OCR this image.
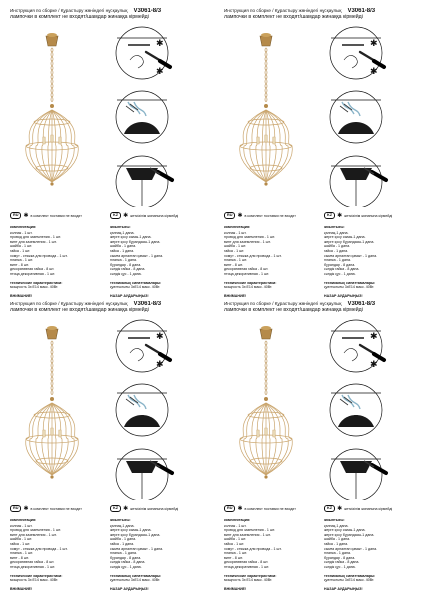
Инструкция по сборке / Құрастыру жөніндегі нұсқаулық V3061-8/3
лампочки в комплект не входят/шамдар жинаққа кірмейді
✱
✱
RU ✱ в комплект поставки не входит	KZ ✱ жеткізілім жинағына кірмейді
комплектация:
колпак - 1 шт.
провод для заземления - 1 шт.
винт для заземления - 1 шт.
шайба - 1 шт.
гайка - 1 шт.
хомут - стяжка для провода - 1 шт.
планка - 1 шт.
винт - 8 шт.
декоративная гайка - 8 шт.
птица декоративная - 1 шт.
технические характеристики:
мощность 3х:Е14 макс. 40Вт.
ВНИМАНИЕ!
жиынтығы:
қалпақ-1 дана.
жерге қосу сымы-1 дана.
жерге қосу бұрандасы-1 дана.
шайба - 1 дана.
гайка - 1 дана.
сымға арналған қамыт - 1 дана.
планка - 1 дана.
бұрандар - 8 дана.
сәндік гайка - 8 дана.
сәндік құс - 1 дана.
техникалық сипаттамалары:
қуаттылығы 3хЕ14 макс. 40Вт.
НАЗАР АУДАРЫҢЫЗ!
Инструкция по сборке / Құрастыру жөніндегі нұсқаулық V3061-8/3
лампочки в комплект не входят/шамдар жинаққа кірмейді
✱
✱
RU ✱ в комплект поставки не входит	KZ ✱ жеткізілім жинағына кірмейді
комплектация:
колпак - 1 шт.
провод для заземления - 1 шт.
винт для заземления - 1 шт.
шайба - 1 шт.
гайка - 1 шт.
хомут - стяжка для провода - 1 шт.
планка - 1 шт.
винт - 8 шт.
декоративная гайка - 8 шт.
птица декоративная - 1 шт.
технические характеристики:
мощность 3х:Е14 макс. 40Вт.
ВНИМАНИЕ!
жиынтығы:
қалпақ-1 дана.
жерге қосу сымы-1 дана.
жерге қосу бұрандасы-1 дана.
шайба - 1 дана.
гайка - 1 дана.
сымға арналған қамыт - 1 дана.
планка - 1 дана.
бұрандар - 8 дана.
сәндік гайка - 8 дана.
сәндік құс - 1 дана.
техникалық сипаттамалары:
қуаттылығы 3хЕ14 макс. 40Вт.
НАЗАР АУДАРЫҢЫЗ!
Инструкция по сборке / Құрастыру жөніндегі нұсқаулық V3061-8/3
лампочки в комплект не входят/шамдар жинаққа кірмейді
✱
✱
RU ✱ в комплект поставки не входит	KZ ✱ жеткізілім жинағына кірмейді
комплектация:
колпак - 1 шт.
провод для заземления - 1 шт.
винт для заземления - 1 шт.
шайба - 1 шт.
гайка - 1 шт.
хомут - стяжка для провода - 1 шт.
планка - 1 шт.
винт - 8 шт.
декоративная гайка - 8 шт.
птица декоративная - 1 шт.
технические характеристики:
мощность 3х:Е14 макс. 40Вт.
ВНИМАНИЕ!
жиынтығы:
қалпақ-1 дана.
жерге қосу сымы-1 дана.
жерге қосу бұрандасы-1 дана.
шайба - 1 дана.
гайка - 1 дана.
сымға арналған қамыт - 1 дана.
планка - 1 дана.
бұрандар - 8 дана.
сәндік гайка - 8 дана.
сәндік құс - 1 дана.
техникалық сипаттамалары:
қуаттылығы 3хЕ14 макс. 40Вт.
НАЗАР АУДАРЫҢЫЗ!
Инструкция по сборке / Құрастыру жөніндегі нұсқаулық V3061-8/3
лампочки в комплект не входят/шамдар жинаққа кірмейді
✱
✱
RU ✱ в комплект поставки не входит	KZ ✱ жеткізілім жинағына кірмейді
комплектация:
колпак - 1 шт.
провод для заземления - 1 шт.
винт для заземления - 1 шт.
шайба - 1 шт.
гайка - 1 шт.
хомут - стяжка для провода - 1 шт.
планка - 1 шт.
винт - 8 шт.
декоративная гайка - 8 шт.
птица декоративная - 1 шт.
технические характеристики:
мощность 3х:Е14 макс. 40Вт.
ВНИМАНИЕ!
жиынтығы:
қалпақ-1 дана.
жерге қосу сымы-1 дана.
жерге қосу бұрандасы-1 дана.
шайба - 1 дана.
гайка - 1 дана.
сымға арналған қамыт - 1 дана.
планка - 1 дана.
бұрандар - 8 дана.
сәндік гайка - 8 дана.
сәндік құс - 1 дана.
техникалық сипаттамалары:
қуаттылығы 3хЕ14 макс. 40Вт.
НАЗАР АУДАРЫҢЫЗ!
